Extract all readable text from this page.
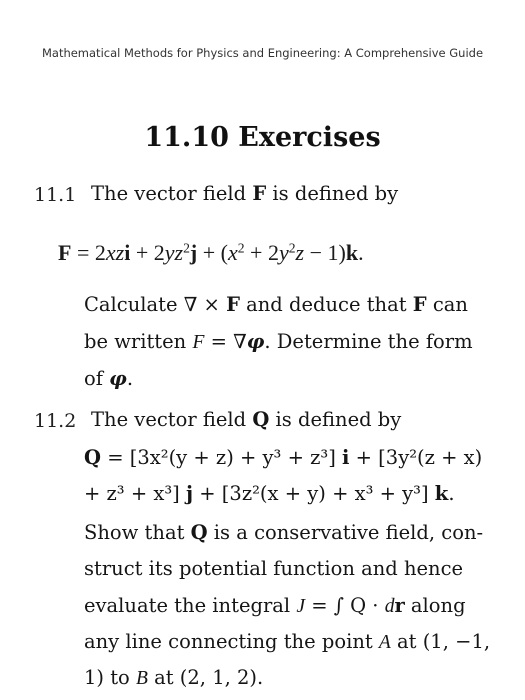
Mathematical Methods for Physics and Engineering: A Comprehensive Guide
11.10 Exercises
11.1 The vector field F is defined by
$F = 2xzi + 2yz^2j + (x^2 + 2y^2z - 1)k$.
Calculate ∇ × F and deduce that F can
be written F = ∇φ. Determine the form
of φ.
11.2 The vector field Q is defined by
Q = [3x²(y + z) + y³ + z³] i + [3y²(z + x)
+ z³ + x³] j + [3z²(x + y) + x³ + y³] k.
Show that Q is a conservative field, con-
struct its potential function and hence
evaluate the integral J = ∫ Q · dr along
any line connecting the point A at (1, −1,
1) to B at (2, 1, 2).
